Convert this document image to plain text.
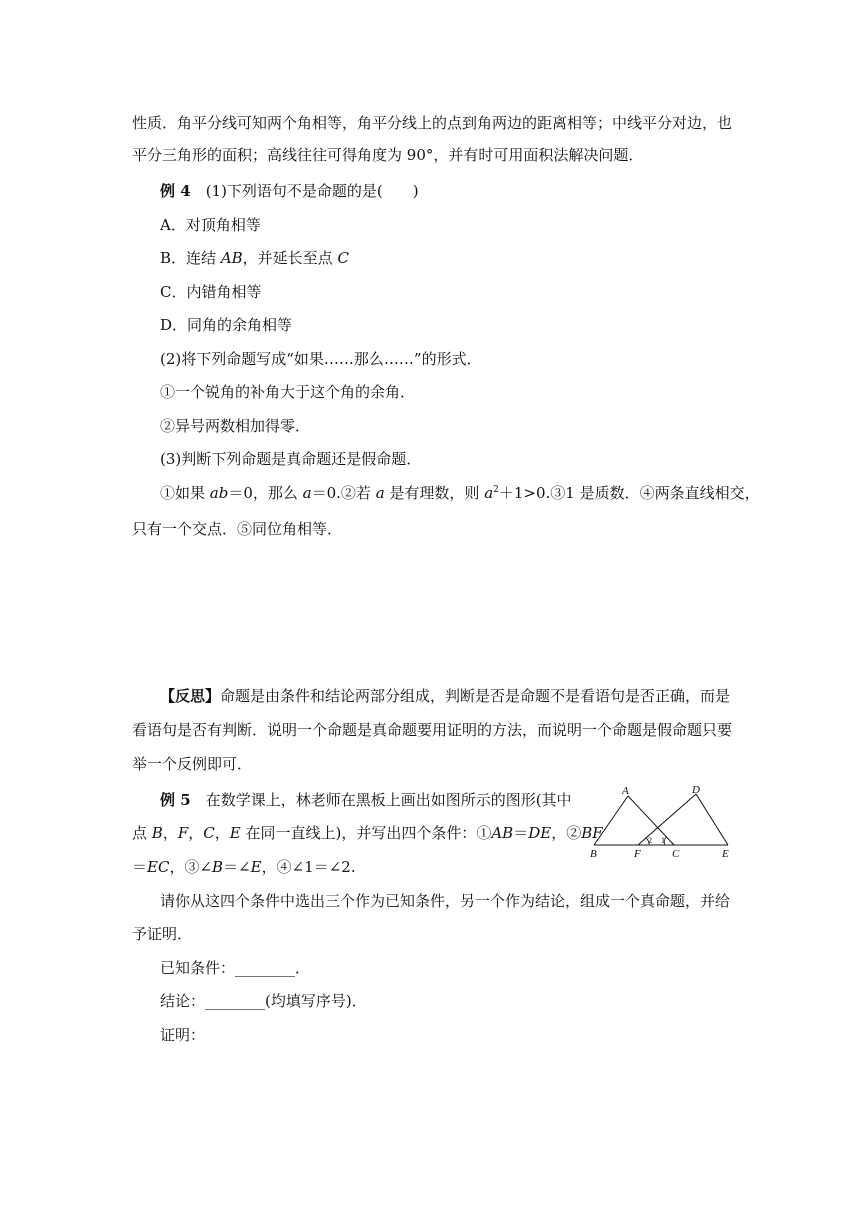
性质．角平分线可知两个角相等，角平分线上的点到角两边的距离相等；中线平分对边，也
平分三角形的面积；高线往往可得角度为 90°，并有时可用面积法解决问题．
例 4　 (1)下列语句不是命题的是(　　)
A．对顶角相等
B．连结 AB，并延长至点 C
C．内错角相等
D．同角的余角相等
(2)将下列命题写成“如果……那么……”的形式．
①一个锐角的补角大于这个角的余角．
②异号两数相加得零．
(3)判断下列命题是真命题还是假命题．
①如果 ab＝0，那么 a＝0.②若 a 是有理数，则 $a^2+1>0.③1$ 是质数．④两条直线相交，
只有一个交点．⑤同位角相等．
【反思】命题是由条件和结论两部分组成，判断是否是命题不是看语句是否正确，而是
看语句是否有判断．说明一个命题是真命题要用证明的方法，而说明一个命题是假命题只要
举一个反例即可．
例 5　 在数学课上，林老师在黑板上画出如图所示的图形(其中
点 B，F，C，E 在同一直线上)，并写出四个条件：①AB＝DE，②BF
＝EC，③∠B＝∠E，④∠1＝∠2.
请你从这四个条件中选出三个作为已知条件，另一个作为结论，组成一个真命题，并给
予证明．
已知条件：________．
结论：________(均填写序号)．
证明：
A	D
B	F	C	E
2 1
